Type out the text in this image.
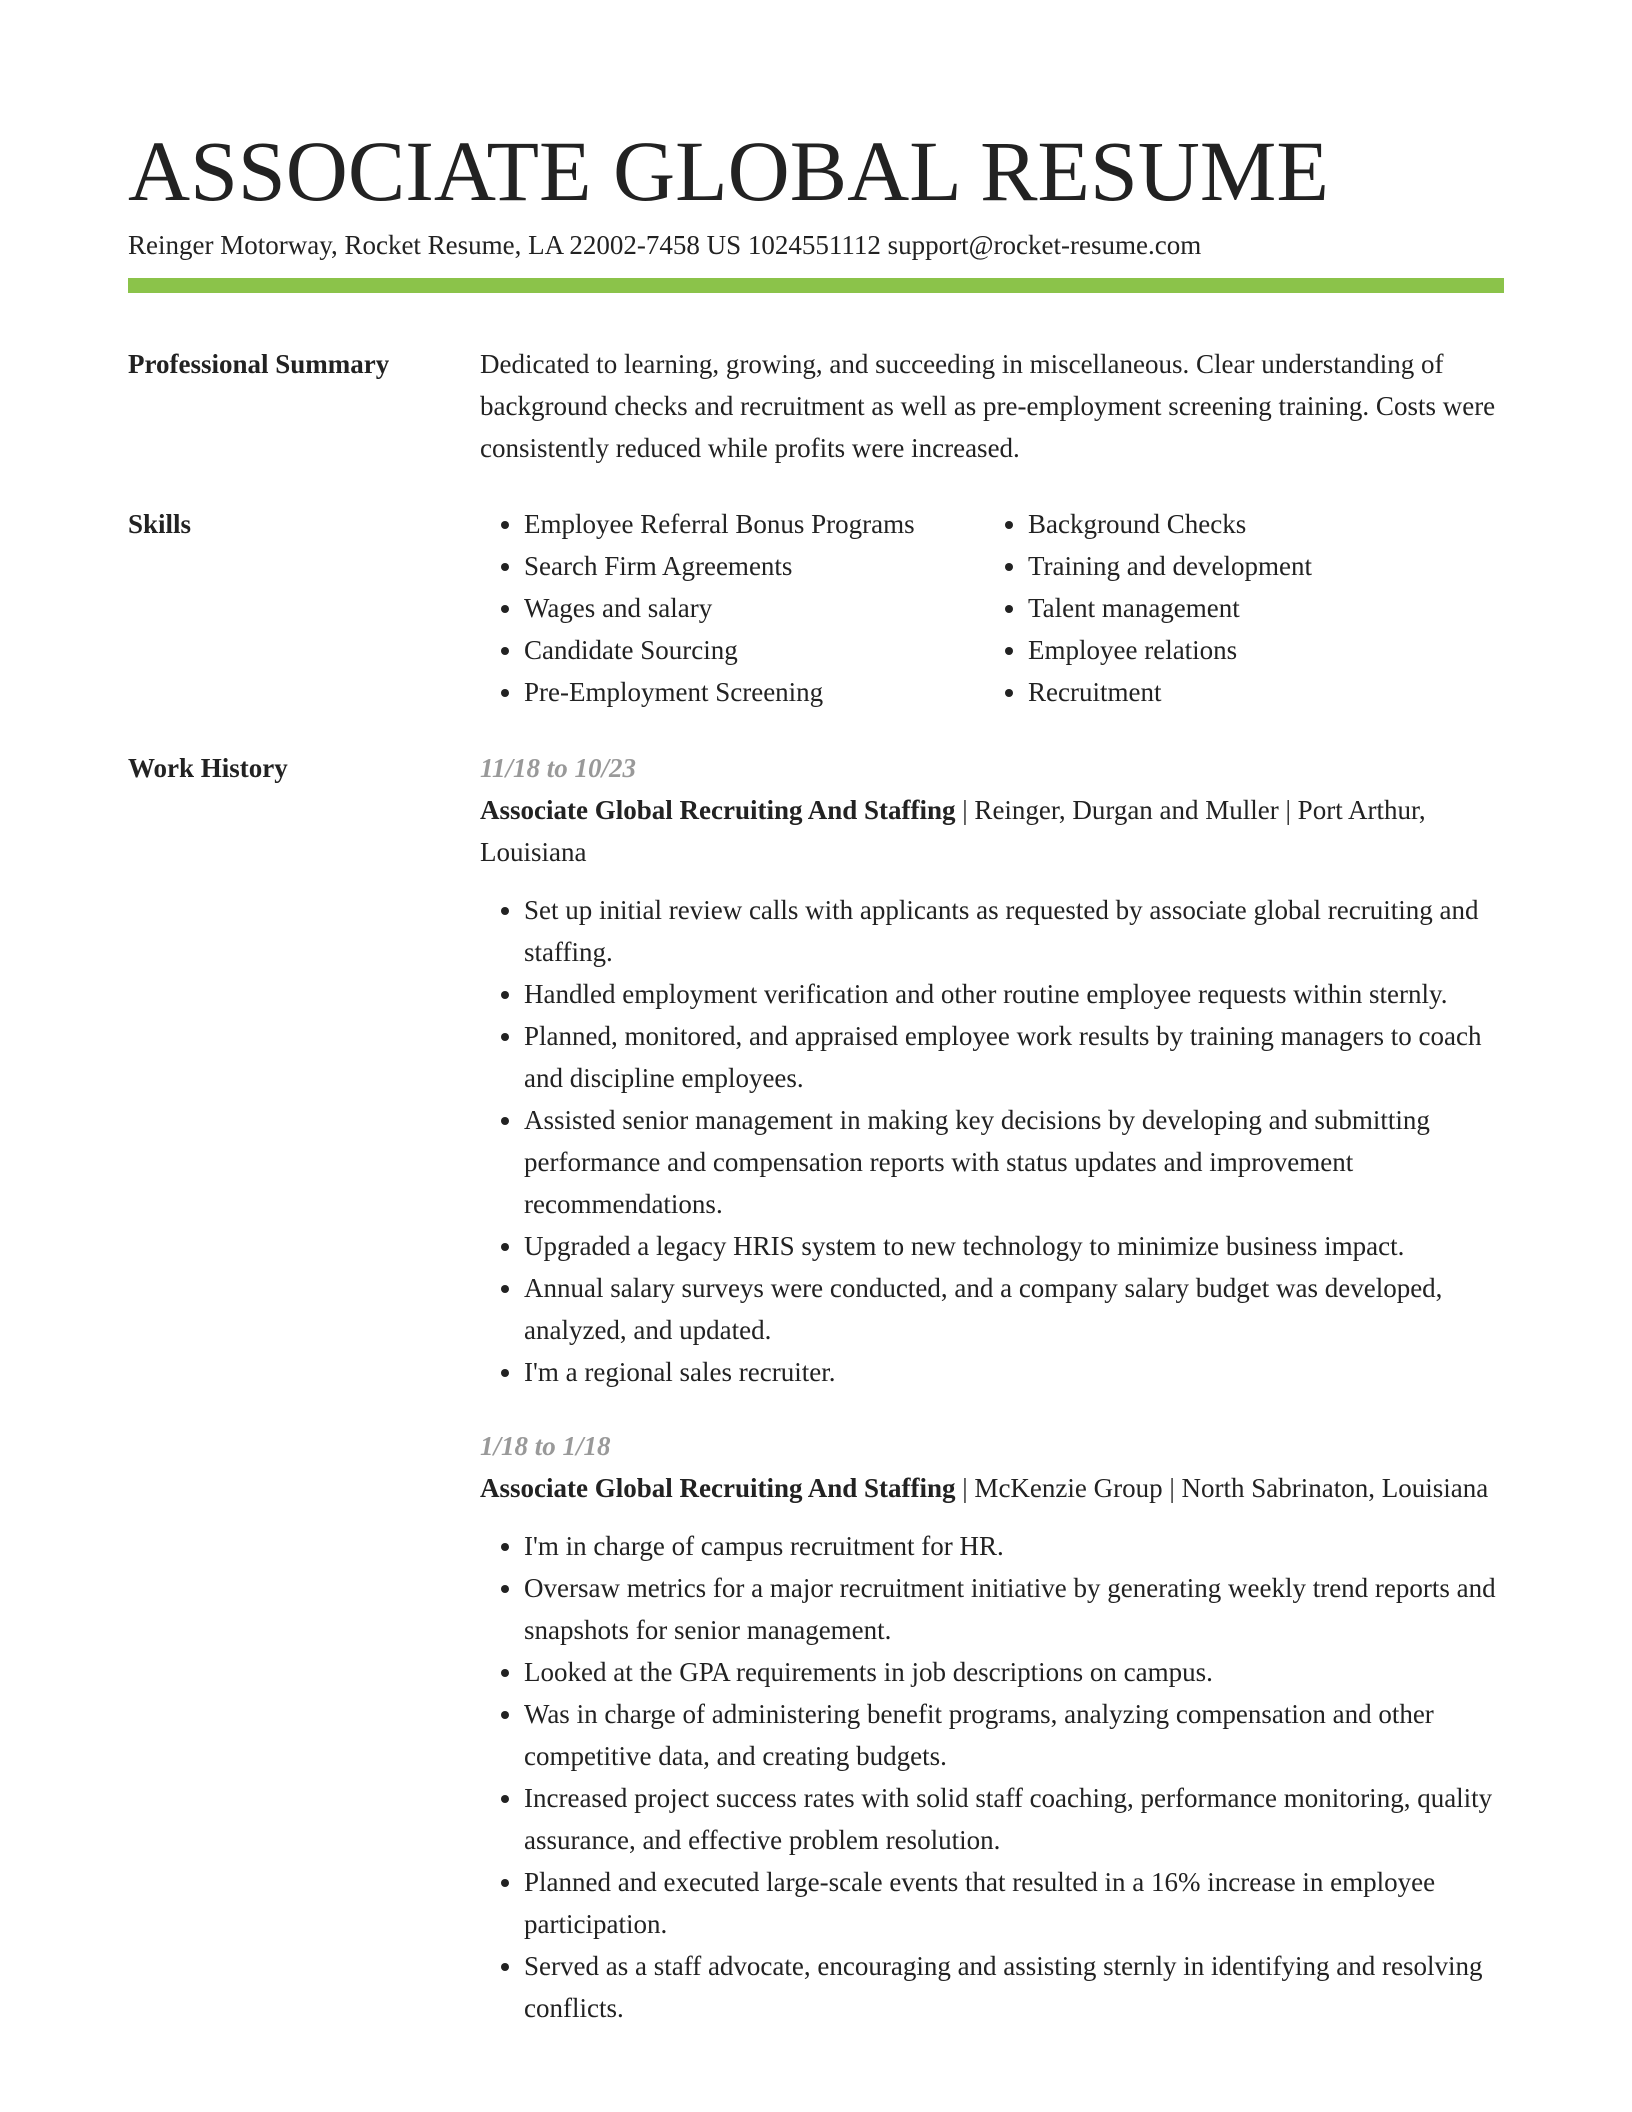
ASSOCIATE GLOBAL RESUME
Reinger Motorway, Rocket Resume, LA 22002-7458 US 1024551112 support@rocket-resume.com
Professional Summary	Dedicated to learning, growing, and succeeding in miscellaneous. Clear understanding of background checks and recruitment as well as pre-employment screening training. Costs were consistently reduced while profits were increased.
Skills
•	Employee Referral Bonus Programs
• Search Firm Agreements
• Wages and salary
• Candidate Sourcing
• Pre-Employment Screening
• Background Checks
• Training and development
• Talent management
• Employee relations
• Recruitment
Work History	11/18 to 10/23
Associate Global Recruiting And Staffing | Reinger, Durgan and Muller | Port Arthur, Louisiana
• Set up initial review calls with applicants as requested by associate global recruiting and staffing.
• Handled employment verification and other routine employee requests within sternly.
• Planned, monitored, and appraised employee work results by training managers to coach and discipline employees.
• Assisted senior management in making key decisions by developing and submitting performance and compensation reports with status updates and improvement recommendations.
• Upgraded a legacy HRIS system to new technology to minimize business impact.
• Annual salary surveys were conducted, and a company salary budget was developed, analyzed, and updated.
• I'm a regional sales recruiter.
1/18 to 1/18
Associate Global Recruiting And Staffing | McKenzie Group | North Sabrinaton, Louisiana
• I'm in charge of campus recruitment for HR.
• Oversaw metrics for a major recruitment initiative by generating weekly trend reports and snapshots for senior management.
• Looked at the GPA requirements in job descriptions on campus.
• Was in charge of administering benefit programs, analyzing compensation and other competitive data, and creating budgets.
• Increased project success rates with solid staff coaching, performance monitoring, quality assurance, and effective problem resolution.
• Planned and executed large-scale events that resulted in a 16% increase in employee participation.
• Served as a staff advocate, encouraging and assisting sternly in identifying and resolving conflicts.
